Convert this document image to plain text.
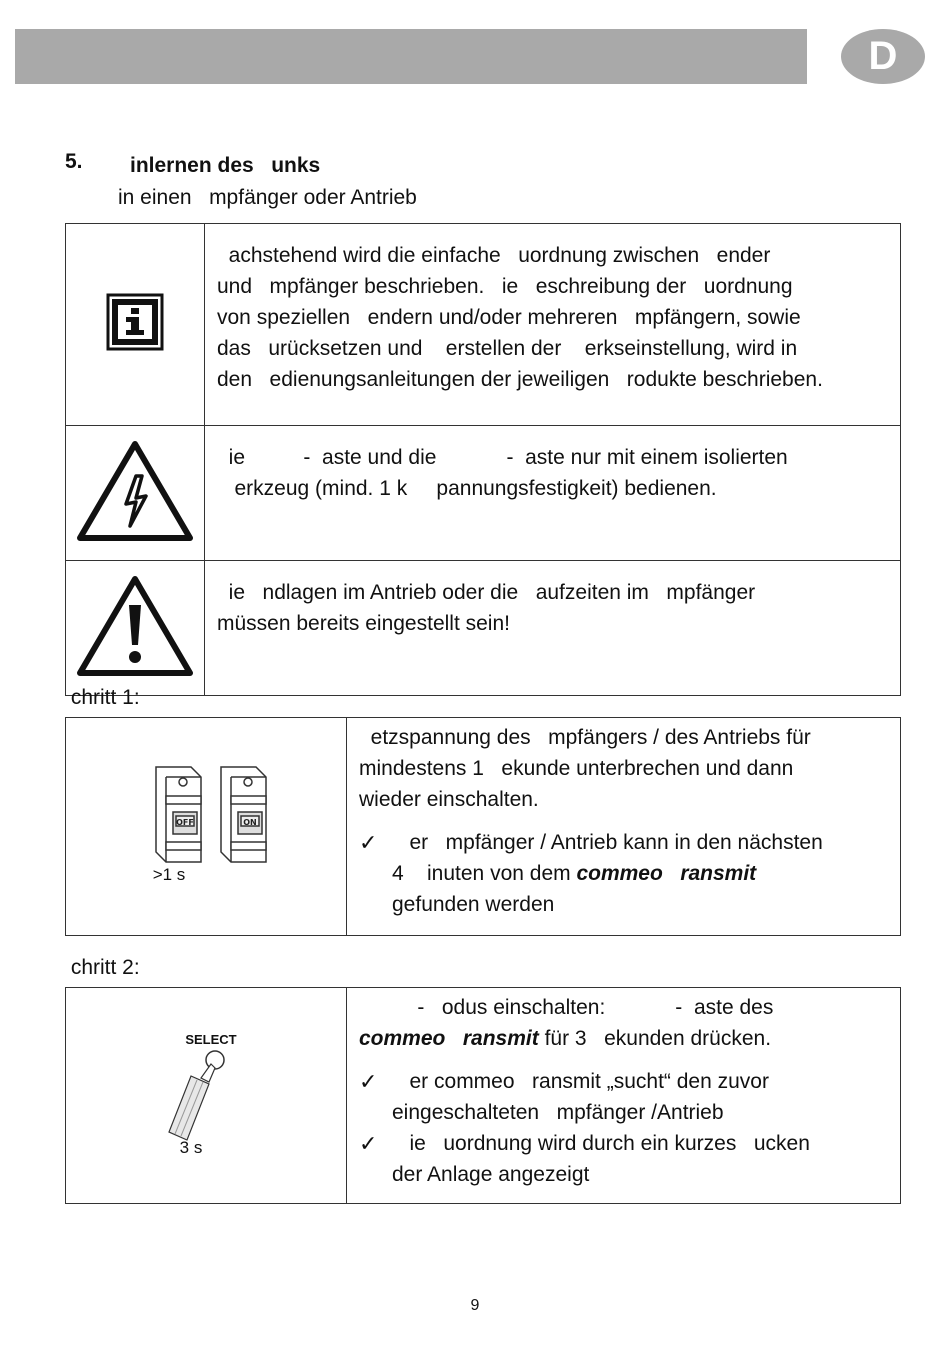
D
5. inlernen des   unks
in einen   mpfänger oder Antrieb

achstehend wird die einfache   uordnung zwischen   ender
und   mpfänger beschrieben.   ie   eschreibung der   uordnung
von speziellen   endern und/oder mehreren   mpfängern, sowie
das   urücksetzen und    erstellen der    erkseinstellung, wird in
den   edienungsanleitungen der jeweiligen   rodukte beschrieben.

ie          -  aste und die            -  aste nur mit einem isolierten
erkzeug (mind. 1 k     pannungsfestigkeit) bedienen.

ie   ndlagen im Antrieb oder die   aufzeiten im   mpfänger
müssen bereits eingestellt sein!
chritt 1:
OFF	ON
>1 s

etzspannung des   mpfängers / des Antriebs für
mindestens 1   ekunde unterbrechen und dann
wieder einschalten.
✓ er   mpfänger / Antrieb kann in den nächsten
4    inuten von dem commeo   ransmit
gefunden werden
chritt 2:
SELECT
3 s

-   odus einschalten:            -  aste des
commeo   ransmit für 3   ekunden drücken.
✓ er commeo   ransmit „sucht“ den zuvor
eingeschalteten   mpfänger /Antrieb
✓ ie   uordnung wird durch ein kurzes   ucken
der Anlage angezeigt
9
